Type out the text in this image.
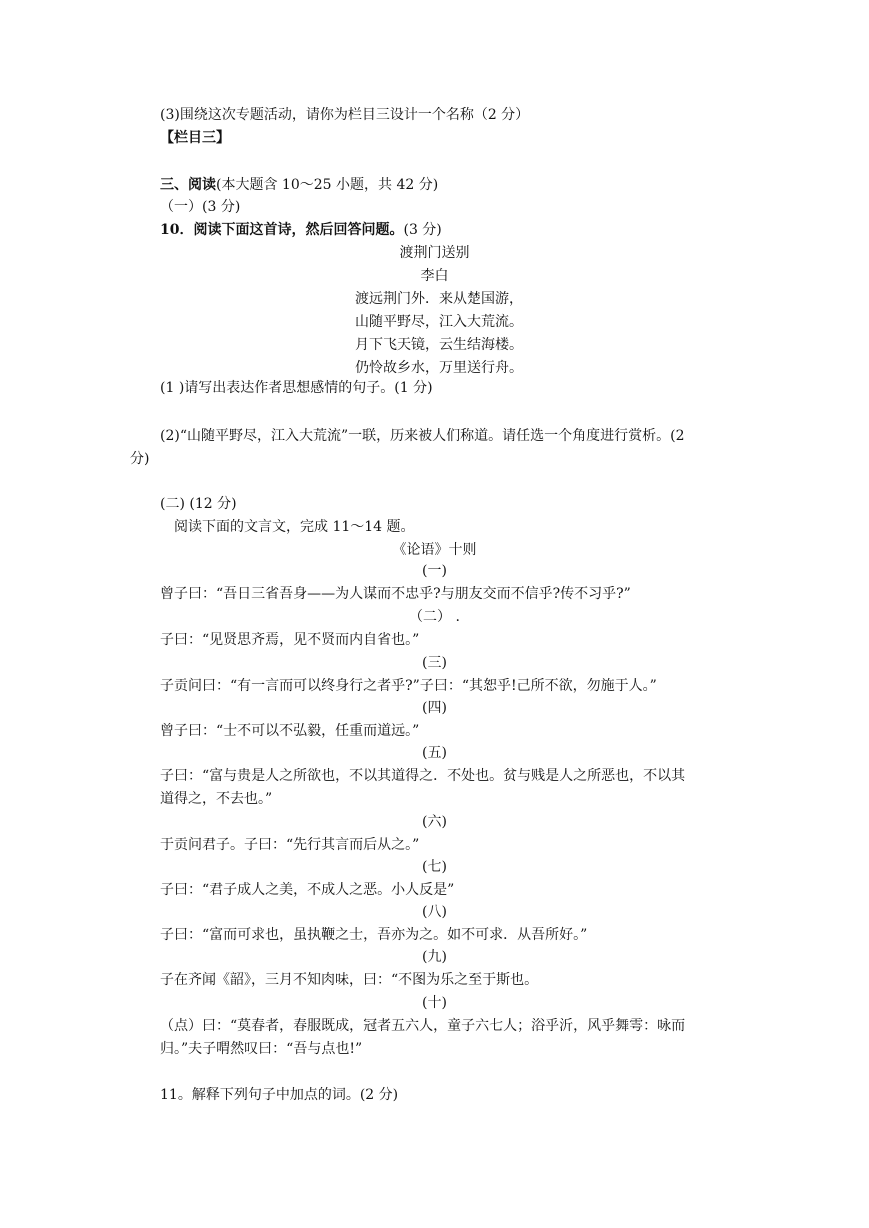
(3)围绕这次专题活动，请你为栏目三设计一个名称（2 分）
【栏目三】
三、阅读(本大题含 10～25 小题，共 42 分)
（一）(3 分)
10．阅读下面这首诗，然后回答问题。(3 分)
渡荆门送别
李白
渡远荆门外．来从楚国游，
山随平野尽，江入大荒流。
月下飞天镜，云生结海楼。
仍怜故乡水，万里送行舟。
(1 )请写出表达作者思想感情的句子。(1 分)
(2)“山随平野尽，江入大荒流”一联，历来被人们称道。请任选一个角度进行赏析。(2
分)
(二) (12 分)
阅读下面的文言文，完成 11～14 题。
《论语》十则
(一)
曾子曰：“吾日三省吾身——为人谋而不忠乎?与朋友交而不信乎?传不习乎?”
（二） .
子曰：“见贤思齐焉，见不贤而内自省也。”
(三)
子贡问曰：“有一言而可以终身行之者乎?”子曰：“其恕乎!己所不欲，勿施于人。”
(四)
曾子曰：“士不可以不弘毅，任重而道远。”
(五)
子曰：“富与贵是人之所欲也，不以其道得之．不处也。贫与贱是人之所恶也，不以其
道得之，不去也。”
(六)
于贡问君子。子曰：“先行其言而后从之。”
(七)
子曰：“君子成人之美，不成人之恶。小人反是”
(八)
子曰：“富而可求也，虽执鞭之士，吾亦为之。如不可求．从吾所好。”
(九)
子在齐闻《韶》，三月不知肉味，曰：“不图为乐之至于斯也。
(十)
（点）曰：“莫春者，春服既成，冠者五六人，童子六七人；浴乎沂，风乎舞雩：咏而
归。”夫子喟然叹曰：“吾与点也!”
11。解释下列句子中加点的词。(2 分)
